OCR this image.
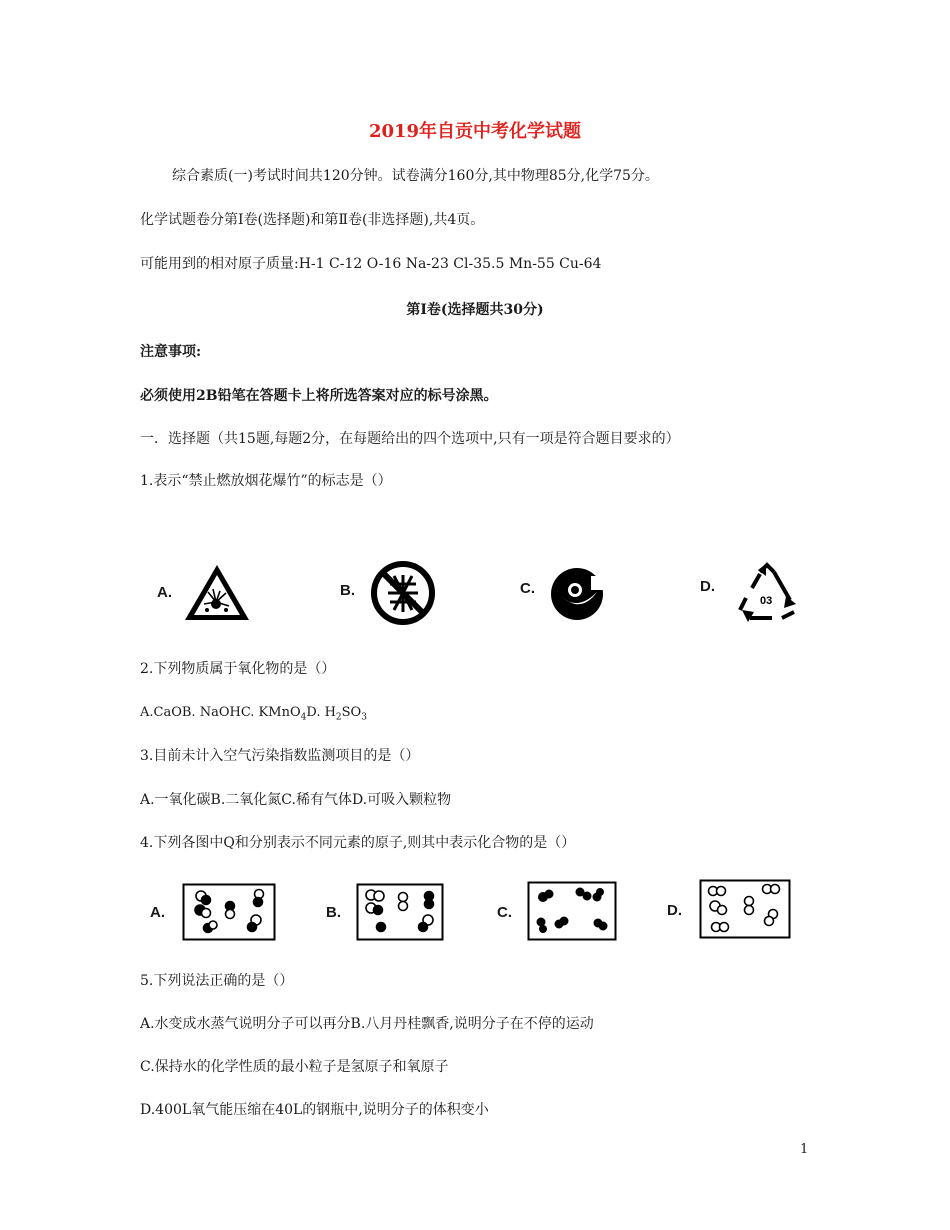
2019年自贡中考化学试题
综合素质(一)考试时间共120分钟。试卷满分160分,其中物理85分,化学75分。
化学试题卷分第Ⅰ卷(选择题)和第Ⅱ卷(非选择题),共4页。
可能用到的相对原子质量:H-1 C-12 O-16 Na-23 Cl-35.5 Mn-55 Cu-64
第Ⅰ卷(选择题共30分)
注意事项:
必须使用2B铅笔在答题卡上将所选答案对应的标号涂黑。
一．选择题（共15题,每题2分，在每题给出的四个选项中,只有一项是符合题目要求的）
1.表示“禁止燃放烟花爆竹”的标志是（）
A.	B.	C.	D.
03
2.下列物质属于氧化物的是（）
A.CaOB. NaOHC. KMnO$_4$D. $H_2SO_3$
3.目前未计入空气污染指数监测项目的是（）
A.一氧化碳B.二氧化氮C.稀有气体D.可吸入颗粒物
4.下列各图中Q和分别表示不同元素的原子,则其中表示化合物的是（）
A.	B.	C.	D.
5.下列说法正确的是（）
A.水变成水蒸气说明分子可以再分B.八月丹桂飘香,说明分子在不停的运动
C.保持水的化学性质的最小粒子是氢原子和氧原子
D.400L氧气能压缩在40L的钢瓶中,说明分子的体积变小
1
